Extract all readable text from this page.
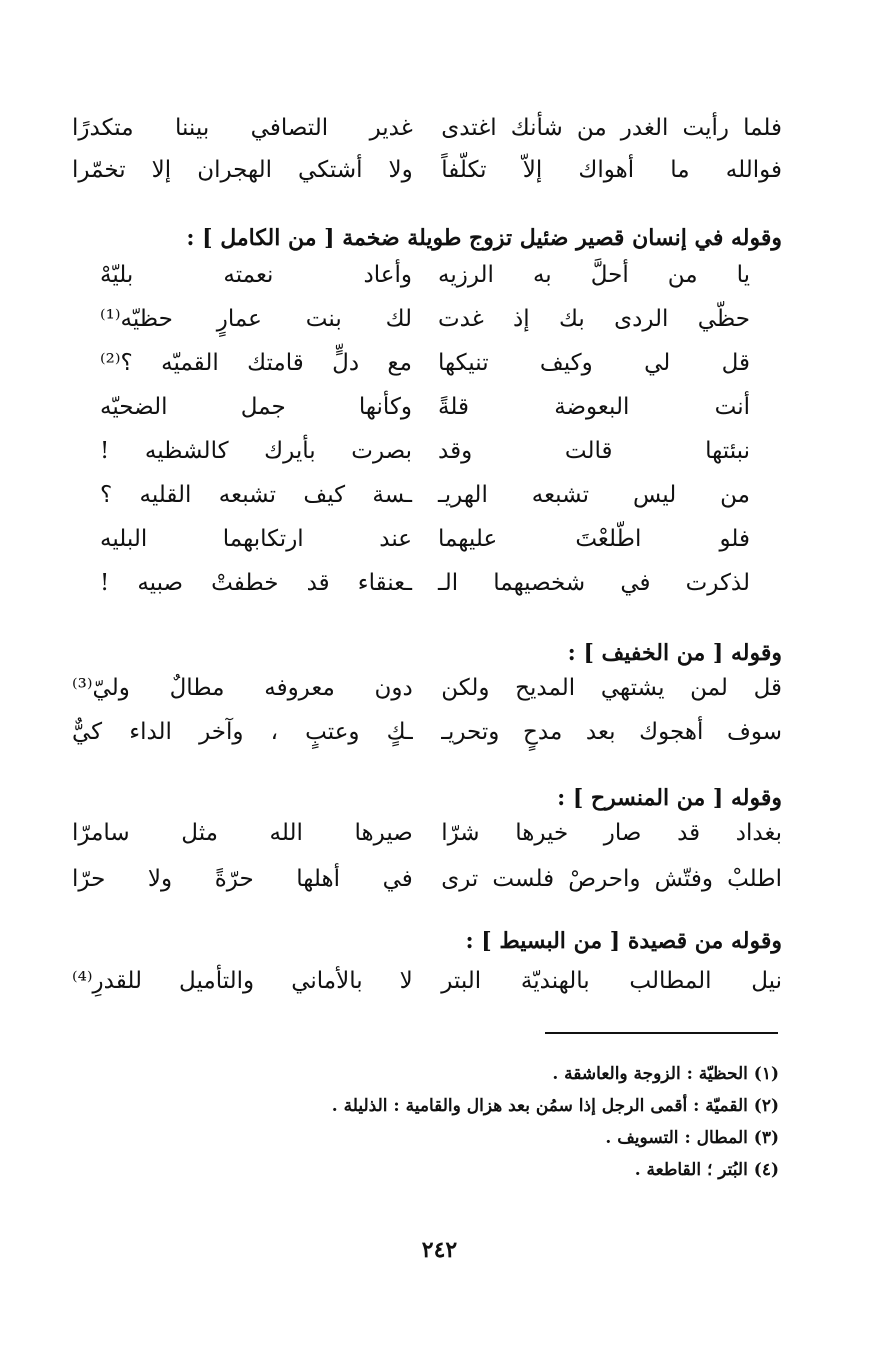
فلما رأيت الغدر من شأنك اغتدى
غدير التصافي بيننا متكدرًا
فوالله ما أهواك إلاّ تكلّفاً
ولا أشتكي الهجران إلا تخمّرا
وقوله في إنسان قصير ضئيل تزوج طويلة ضخمة [ من الكامل ] :
يا من أحلَّ به الرزيه
وأعاد نعمته بليّهْ
حظّي الردى بك إذ غدت
لك بنت عمارٍ حظيّه⁽¹⁾
قل لي وكيف تنيكها
مع دلٍّ قامتك القميّه ؟⁽²⁾
أنت البعوضة قلةً
وكأنها جمل الضحيّه
نبئتها قالت وقد
بصرت بأيرك كالشظيه !
من ليس تشبعه الهريـ
ـسة كيف تشبعه القليه ؟
فلو اطّلعْتَ عليهما
عند ارتكابهما البليه
لذكرت في شخصيهما الـ
ـعنقاء قد خطفتْ صبيه !
وقوله [ من الخفيف ] :
قل لمن يشتهي المديح ولكن
دون معروفه مطالٌ وليّ⁽³⁾
سوف أهجوك بعد مدحٍ وتحريـ
ـكٍ وعتبٍ ، وآخر الداء كيٌّ
وقوله [ من المنسرح ] :
بغداد قد صار خيرها شرّا
صيرها الله مثل سامرّا
اطلبْ وفتّش واحرصْ فلست ترى
في أهلها حرّةً ولا حرّا
وقوله من قصيدة [ من البسيط ] :
نيل المطالب بالهنديّة البتر
لا بالأماني والتأميل للقدرِ⁽⁴⁾
(١) الحظيّة : الزوجة والعاشقة .
(٢) القميّة : أقمى الرجل إذا سمُن بعد هزال والقامية : الذليلة .
(٣) المطال : التسويف .
(٤) البُتر ؛ القاطعة .
٢٤٢
